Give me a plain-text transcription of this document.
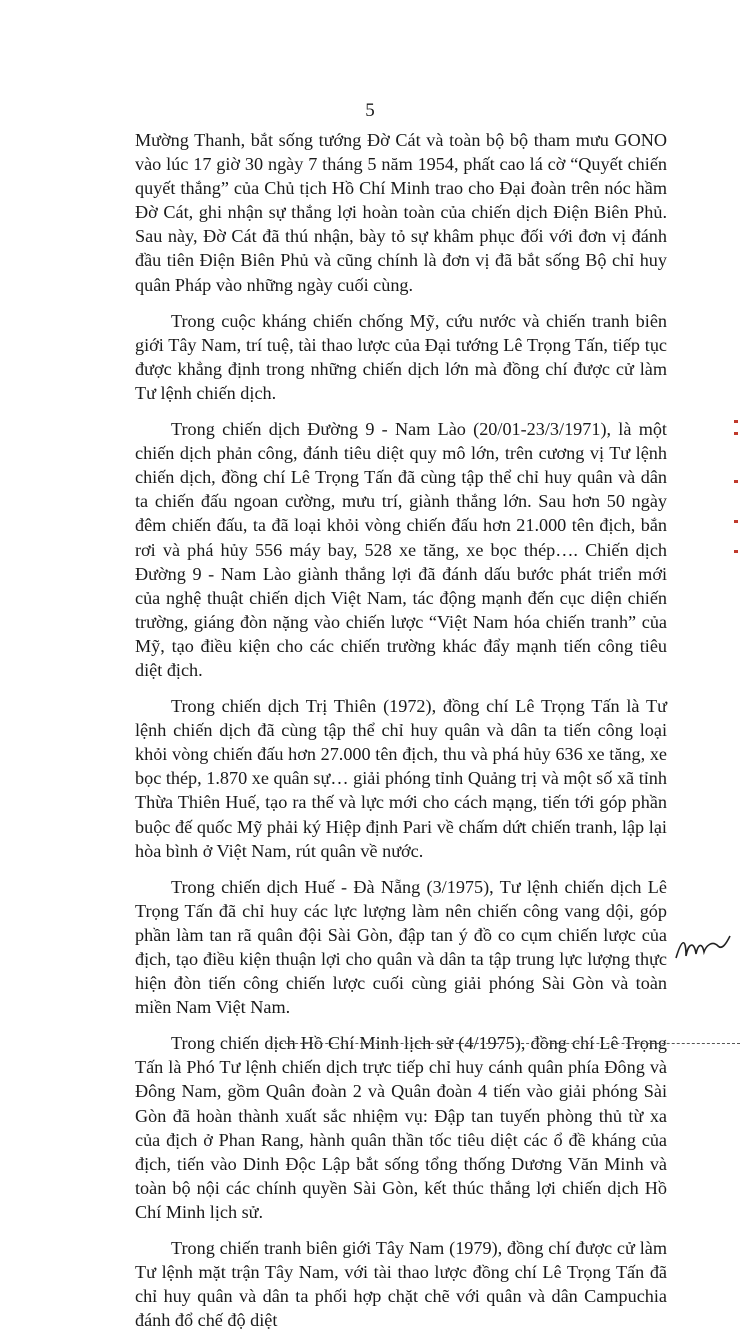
5

Mường Thanh, bắt sống tướng Đờ Cát và toàn bộ bộ tham mưu GONO vào lúc 17 giờ 30 ngày 7 tháng 5 năm 1954, phất cao lá cờ “Quyết chiến quyết thắng” của Chủ tịch Hồ Chí Minh trao cho Đại đoàn trên nóc hầm Đờ Cát, ghi nhận sự thắng lợi hoàn toàn của chiến dịch Điện Biên Phủ. Sau này, Đờ Cát đã thú nhận, bày tỏ sự khâm phục đối với đơn vị đánh đầu tiên Điện Biên Phủ và cũng chính là đơn vị đã bắt sống Bộ chỉ huy quân Pháp vào những ngày cuối cùng.

Trong cuộc kháng chiến chống Mỹ, cứu nước và chiến tranh biên giới Tây Nam, trí tuệ, tài thao lược của Đại tướng Lê Trọng Tấn, tiếp tục được khẳng định trong những chiến dịch lớn mà đồng chí được cử làm Tư lệnh chiến dịch.

Trong chiến dịch Đường 9 - Nam Lào (20/01-23/3/1971), là một chiến dịch phản công, đánh tiêu diệt quy mô lớn, trên cương vị Tư lệnh chiến dịch, đồng chí Lê Trọng Tấn đã cùng tập thể chỉ huy quân và dân ta chiến đấu ngoan cường, mưu trí, giành thắng lớn. Sau hơn 50 ngày đêm chiến đấu, ta đã loại khỏi vòng chiến đấu hơn 21.000 tên địch, bắn rơi và phá hủy 556 máy bay, 528 xe tăng, xe bọc thép…. Chiến dịch Đường 9 - Nam Lào giành thắng lợi đã đánh dấu bước phát triển mới của nghệ thuật chiến dịch Việt Nam, tác động mạnh đến cục diện chiến trường, giáng đòn nặng vào chiến lược “Việt Nam hóa chiến tranh” của Mỹ, tạo điều kiện cho các chiến trường khác đẩy mạnh tiến công tiêu diệt địch.

Trong chiến dịch Trị Thiên (1972), đồng chí Lê Trọng Tấn là Tư lệnh chiến dịch đã cùng tập thể chỉ huy quân và dân ta tiến công loại khỏi vòng chiến đấu hơn 27.000 tên địch, thu và phá hủy 636 xe tăng, xe bọc thép, 1.870 xe quân sự… giải phóng tỉnh Quảng trị và một số xã tỉnh Thừa Thiên Huế, tạo ra thế và lực mới cho cách mạng, tiến tới góp phần buộc đế quốc Mỹ phải ký Hiệp định Pari về chấm dứt chiến tranh, lập lại hòa bình ở Việt Nam, rút quân về nước.

Trong chiến dịch Huế - Đà Nẵng (3/1975), Tư lệnh chiến dịch Lê Trọng Tấn đã chỉ huy các lực lượng làm nên chiến công vang dội, góp phần làm tan rã quân đội Sài Gòn, đập tan ý đồ co cụm chiến lược của địch, tạo điều kiện thuận lợi cho quân và dân ta tập trung lực lượng thực hiện đòn tiến công chiến lược cuối cùng giải phóng Sài Gòn và toàn miền Nam Việt Nam.

Trong chiến dịch Hồ Chí Minh lịch sử (4/1975), đồng chí Lê Trọng Tấn là Phó Tư lệnh chiến dịch trực tiếp chỉ huy cánh quân phía Đông và Đông Nam, gồm Quân đoàn 2 và Quân đoàn 4 tiến vào giải phóng Sài Gòn đã hoàn thành xuất sắc nhiệm vụ: Đập tan tuyến phòng thủ từ xa của địch ở Phan Rang, hành quân thần tốc tiêu diệt các ổ đề kháng của địch, tiến vào Dinh Độc Lập bắt sống tổng thống Dương Văn Minh và toàn bộ nội các chính quyền Sài Gòn, kết thúc thắng lợi chiến dịch Hồ Chí Minh lịch sử.

Trong chiến tranh biên giới Tây Nam (1979), đồng chí được cử làm Tư lệnh mặt trận Tây Nam, với tài thao lược đồng chí Lê Trọng Tấn đã chỉ huy quân và dân ta phối hợp chặt chẽ với quân và dân Campuchia đánh đổ chế độ diệt
